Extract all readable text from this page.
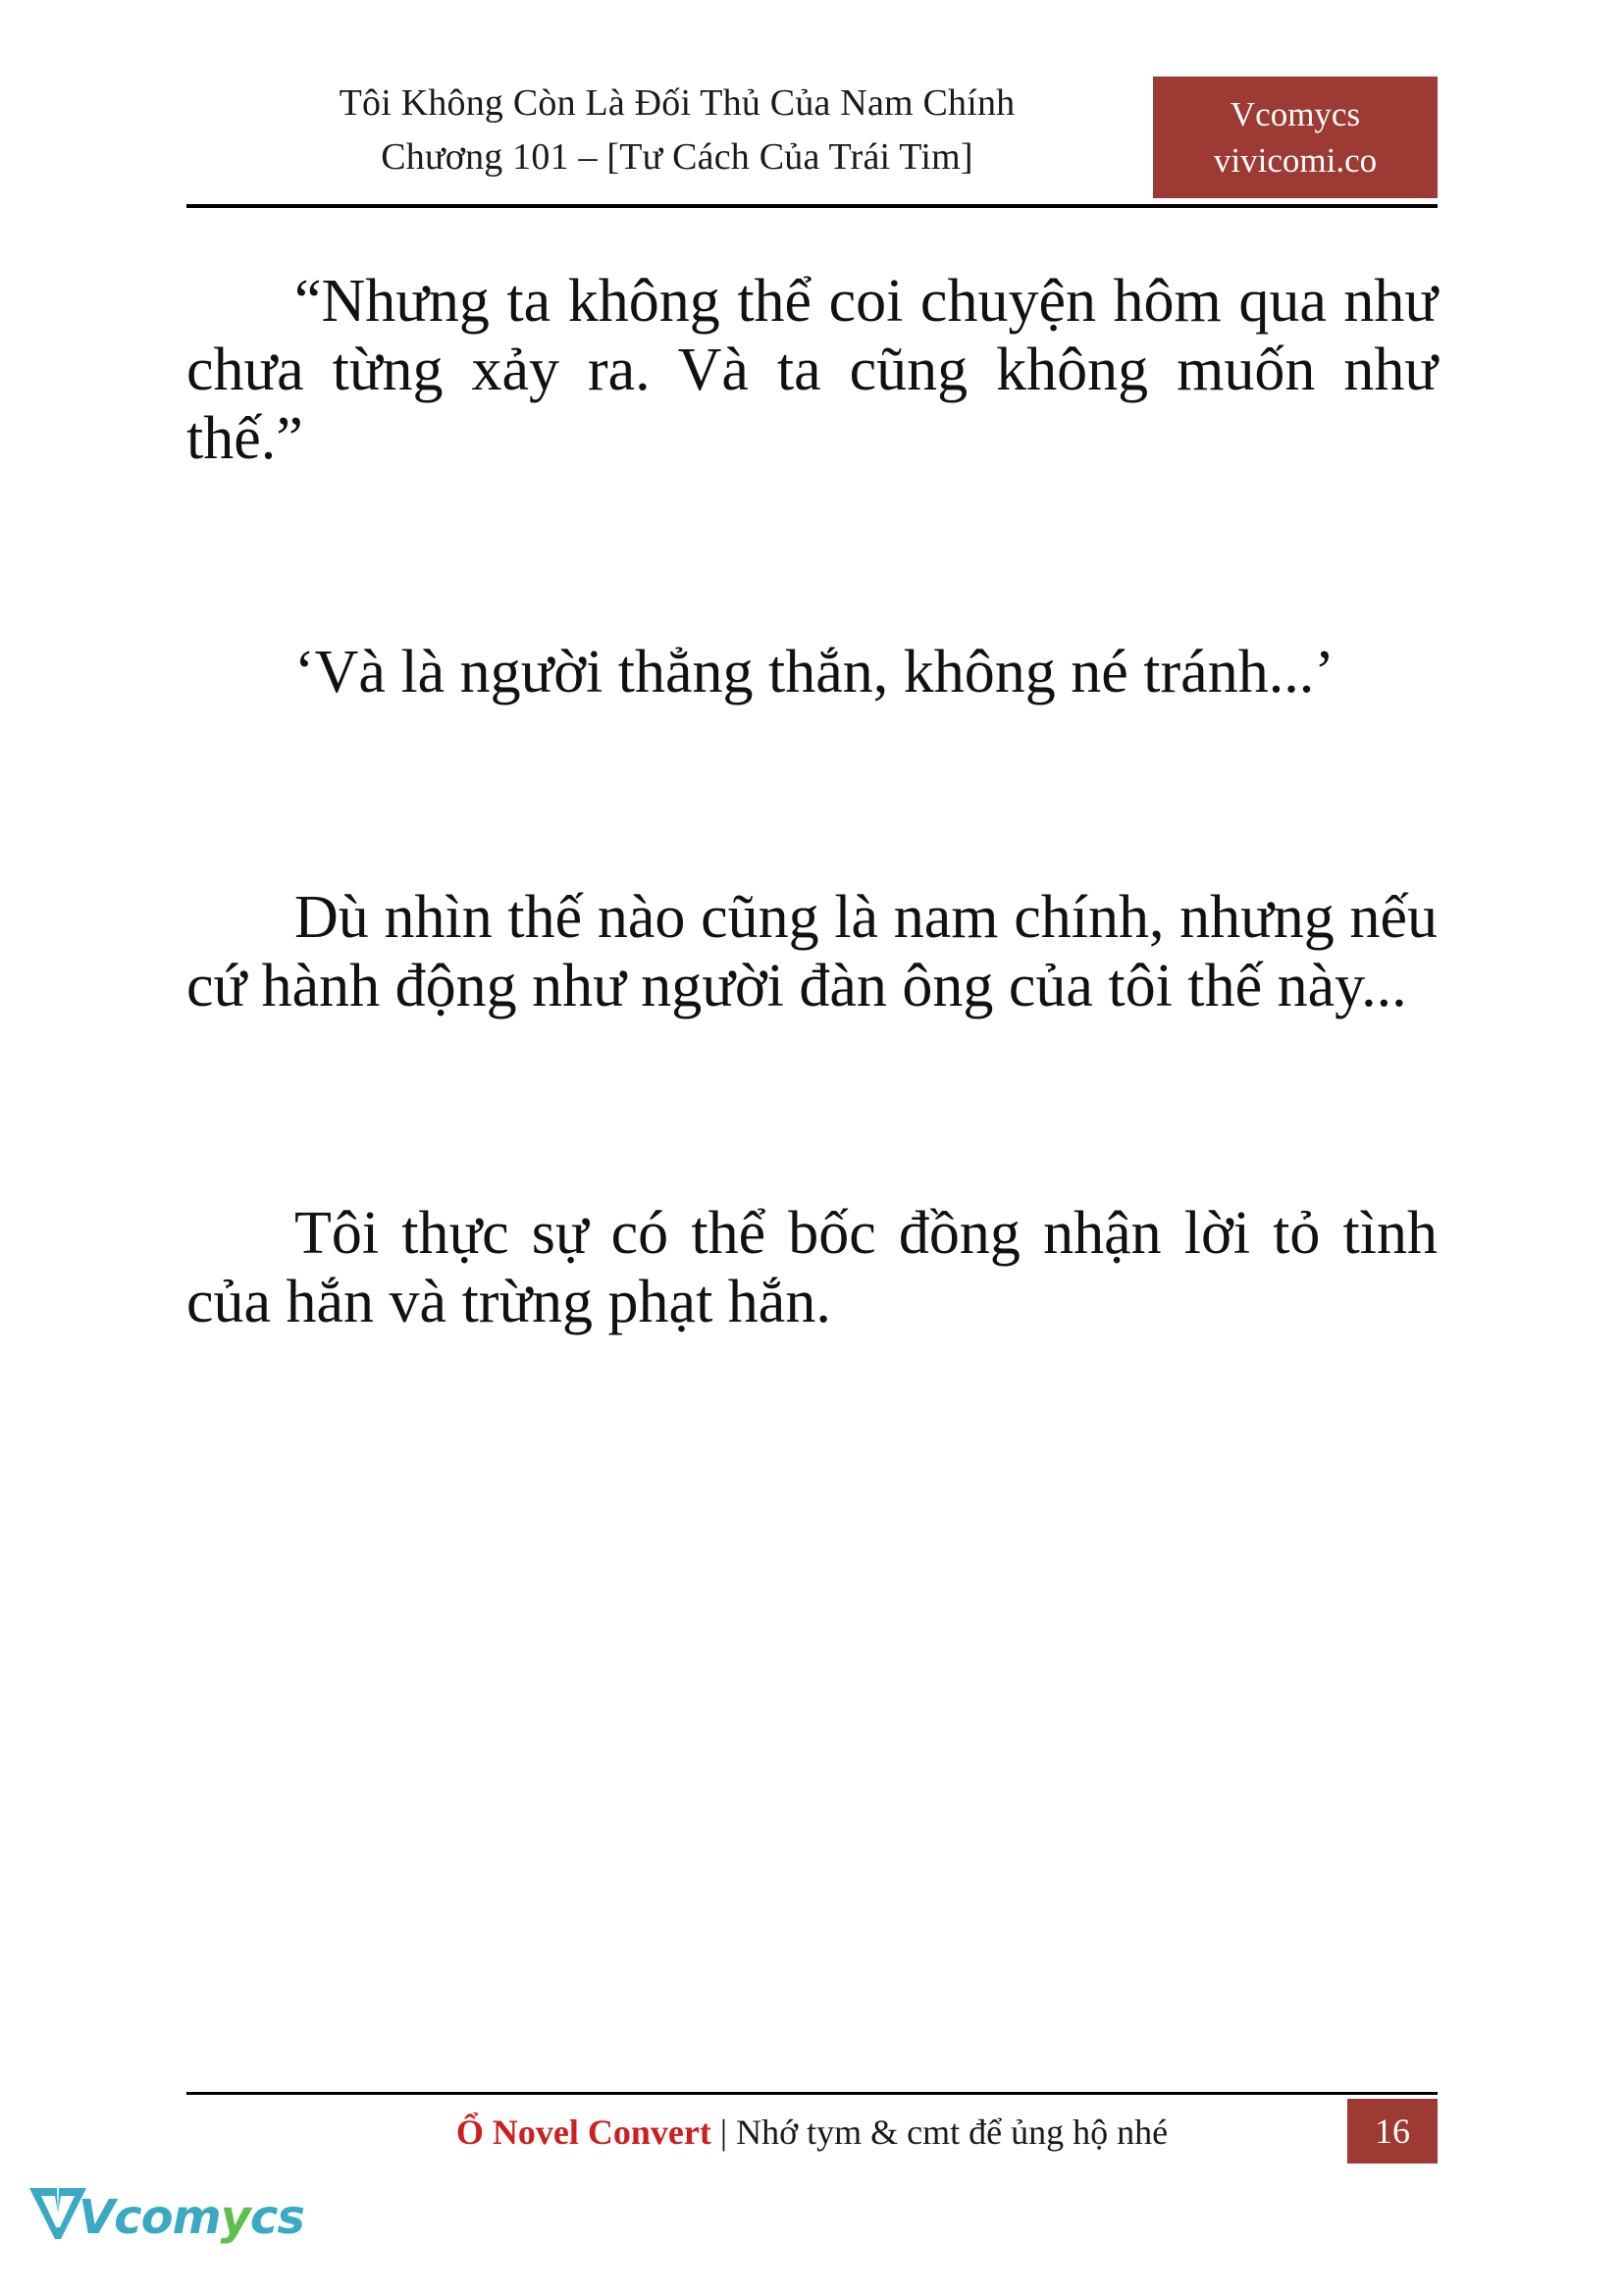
Tôi Không Còn Là Đối Thủ Của Nam Chính
Chương 101 – [Tư Cách Của Trái Tim]
Vcomycs
vivicomi.co

“Nhưng ta không thể coi chuyện hôm qua như chưa từng xảy ra. Và ta cũng không muốn như thế.”

‘Và là người thẳng thắn, không né tránh...’

Dù nhìn thế nào cũng là nam chính, nhưng nếu cứ hành động như người đàn ông của tôi thế này...

Tôi thực sự có thể bốc đồng nhận lời tỏ tình của hắn và trừng phạt hắn.

Ổ Novel Convert | Nhớ tym & cmt để ủng hộ nhé	16
Vcomycs
